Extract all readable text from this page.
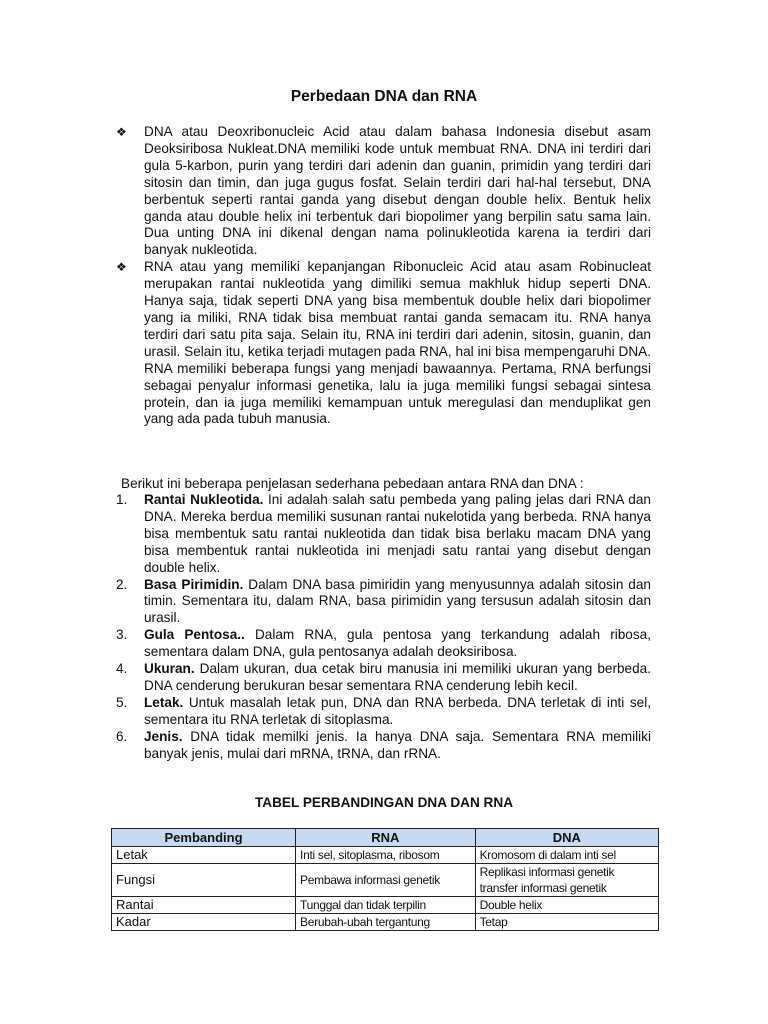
Perbedaan DNA dan RNA
❖ DNA atau Deoxribonucleic Acid atau dalam bahasa Indonesia disebut asam Deoksiribosa Nukleat.DNA memiliki kode untuk membuat RNA. DNA ini terdiri dari gula 5-karbon, purin yang terdiri dari adenin dan guanin, primidin yang terdiri dari sitosin dan timin, dan juga gugus fosfat. Selain terdiri dari hal-hal tersebut, DNA berbentuk seperti rantai ganda yang disebut dengan double helix. Bentuk helix ganda atau double helix ini terbentuk dari biopolimer yang berpilin satu sama lain. Dua unting DNA ini dikenal dengan nama polinukleotida karena ia terdiri dari banyak nukleotida.
❖ RNA atau yang memiliki kepanjangan Ribonucleic Acid atau asam Robinucleat merupakan rantai nukleotida yang dimiliki semua makhluk hidup seperti DNA. Hanya saja, tidak seperti DNA yang bisa membentuk double helix dari biopolimer yang ia miliki, RNA tidak bisa membuat rantai ganda semacam itu. RNA hanya terdiri dari satu pita saja. Selain itu, RNA ini terdiri dari adenin, sitosin, guanin, dan urasil. Selain itu, ketika terjadi mutagen pada RNA, hal ini bisa mempengaruhi DNA. RNA memiliki beberapa fungsi yang menjadi bawaannya. Pertama, RNA berfungsi sebagai penyalur informasi genetika, lalu ia juga memiliki fungsi sebagai sintesa protein, dan ia juga memiliki kemampuan untuk meregulasi dan menduplikat gen yang ada pada tubuh manusia.
Berikut ini beberapa penjelasan sederhana pebedaan antara RNA dan DNA :
1. Rantai Nukleotida. Ini adalah salah satu pembeda yang paling jelas dari RNA dan DNA. Mereka berdua memiliki susunan rantai nukelotida yang berbeda. RNA hanya bisa membentuk satu rantai nukleotida dan tidak bisa berlaku macam DNA yang bisa membentuk rantai nukleotida ini menjadi satu rantai yang disebut dengan double helix.
2. Basa Pirimidin. Dalam DNA basa pimiridin yang menyusunnya adalah sitosin dan timin. Sementara itu, dalam RNA, basa pirimidin yang tersusun adalah sitosin dan urasil.
3. Gula Pentosa.. Dalam RNA, gula pentosa yang terkandung adalah ribosa, sementara dalam DNA, gula pentosanya adalah deoksiribosa.
4. Ukuran. Dalam ukuran, dua cetak biru manusia ini memiliki ukuran yang berbeda. DNA cenderung berukuran besar sementara RNA cenderung lebih kecil.
5. Letak. Untuk masalah letak pun, DNA dan RNA berbeda. DNA terletak di inti sel, sementara itu RNA terletak di sitoplasma.
6. Jenis. DNA tidak memilki jenis. Ia hanya DNA saja. Sementara RNA memiliki banyak jenis, mulai dari mRNA, tRNA, dan rRNA.
TABEL PERBANDINGAN DNA DAN RNA
Pembanding	RNA	DNA
Letak	Inti sel, sitoplasma, ribosom	Kromosom di dalam inti sel
Fungsi	Pembawa informasi genetik	Replikasi informasi genetik transfer informasi genetik
Rantai	Tunggal dan tidak terpilin	Double helix
Kadar	Berubah-ubah tergantung	Tetap
